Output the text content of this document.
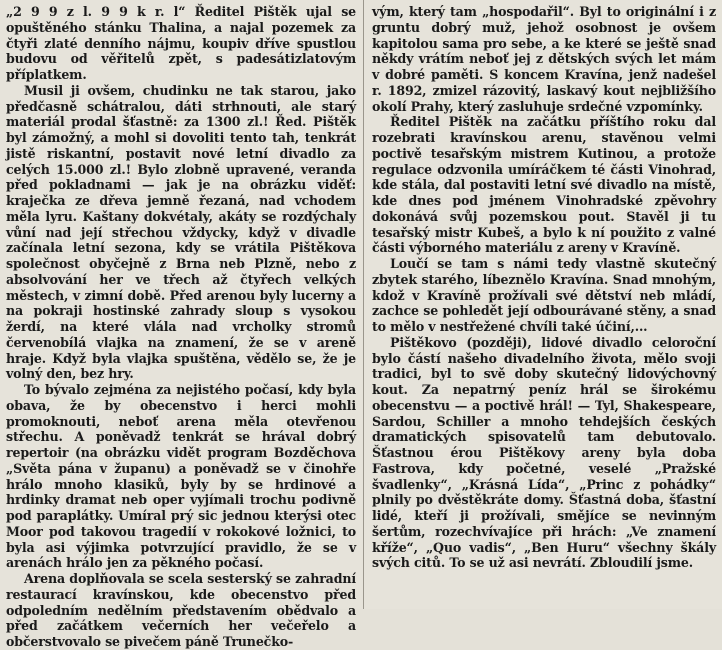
„2 9 9 z l. 9 9 k r. l“ Ředitel Pištěk ujal se opuštěného stánku Thalina, a najal pozemek za čtyři zlaté denního nájmu, koupiv dříve spustlou budovu od věřitelů zpět, s padesátizlatovým příplatkem.

Musil ji ovšem, chudinku ne tak starou, jako předčasně schátralou, dáti strhnouti, ale starý materiál prodal šťastně: za 1300 zl.! Řed. Pištěk byl zámožný, a mohl si dovoliti tento tah, tenkrát jistě riskantní, postavit nové letní divadlo za celých 15.000 zl.! Bylo zlobně upravené, veranda před pokladnami — jak je na obrázku viděť: kraječka ze dřeva jemně řezaná, nad vchodem měla lyru. Kaštany dokvétaly, akáty se rozdýchaly vůní nad její střechou vždycky, když v divadle začínala letní sezona, kdy se vrátila Pištěkova společnost obyčejně z Brna neb Plzně, nebo z absolvování her ve třech až čtyřech velkých městech, v zimní době. Před arenou byly lucerny a na pokraji hostinské zahrady sloup s vysokou žerdí, na které vlála nad vrcholky stromů červenobílá vlajka na znamení, že se v areně hraje. Když byla vlajka spuštěna, vědělo se, že je volný den, bez hry.

To bývalo zejména za nejistého počasí, kdy byla obava, že by obecenstvo i herci mohli promoknouti, neboť arena měla otevřenou střechu. A poněvadž tenkrát se hrával dobrý repertoir (na obrázku vidět program Bozděchova „Světa pána v županu) a poněvadž se v činohře hrálo mnoho klasiků, byly by se hrdinové a hrdinky dramat neb oper vyjímali trochu podivně pod paraplátky. Umíral prý sic jednou kterýsi otec Moor pod takovou tragedií v rokokové ložnici, to byla asi výjimka potvrzující pravidlo, že se v arenách hrálo jen za pěkného počasí.

Arena doplňovala se scela sesterský se zahradní restaurací kravínskou, kde obecenstvo před odpoledním nedělním představením obědvalo a před začátkem večerních her večeřelo a občerstvovalo se pivečem páně Trunečko-

vým, který tam „hospodařil“. Byl to originální i z gruntu dobrý muž, jehož osobnost je ovšem kapitolou sama pro sebe, a ke které se ještě snad někdy vrátím neboť jej z dětských svých let mám v dobré paměti. S koncem Kravína, jenž nadešel r. 1892, zmizel rázovitý, laskavý kout nejbližšího okolí Prahy, který zasluhuje srdečné vzpomínky.

Ředitel Pištěk na začátku příštího roku dal rozebrati kravínskou arenu, stavěnou velmi poctivě tesařským mistrem Kutinou, a protože regulace odzvonila umíráčkem té části Vinohrad, kde stála, dal postaviti letní své divadlo na místě, kde dnes pod jménem Vinohradské zpěvohry dokonává svůj pozemskou pout. Stavěl ji tu tesařský mistr Kubeš, a bylo k ní použito z valné části výborného materiálu z areny v Kravíně.

Loučí se tam s námi tedy vlastně skutečný zbytek starého, líbeznělo Kravína. Snad mnohým, kdož v Kravíně prožívali své dětství neb mládí, zachce se pohledět její odbourávané stěny, a snad to mělo v nestřežené chvíli také účiní,...

Pištěkovo (později), lidové divadlo celoroční bylo částí našeho divadelního života, mělo svoji tradici, byl to svě doby skutečný lidovýchovný kout. Za nepatrný peníz hrál se širokému obecenstvu — a poctivě hrál! — Tyl, Shakespeare, Sardou, Schiller a mnoho tehdejších českých dramatických spisovatelů tam debutovalo. Šťastnou érou Pištěkovy areny byla doba Fastrova, kdy početné, veselé „Pražské švadlenky“, „Krásná Lída“, „Princ z pohádky“ plnily po dvěstěkráte domy. Šťastná doba, šťastní lidé, kteří ji prožívali, smějíce se nevinným šertům, rozechvívajíce při hrách: „Ve znamení kříže“, „Quo vadis“, „Ben Huru“ všechny škály svých citů. To se už asi nevrátí. Zbloudilí jsme.
